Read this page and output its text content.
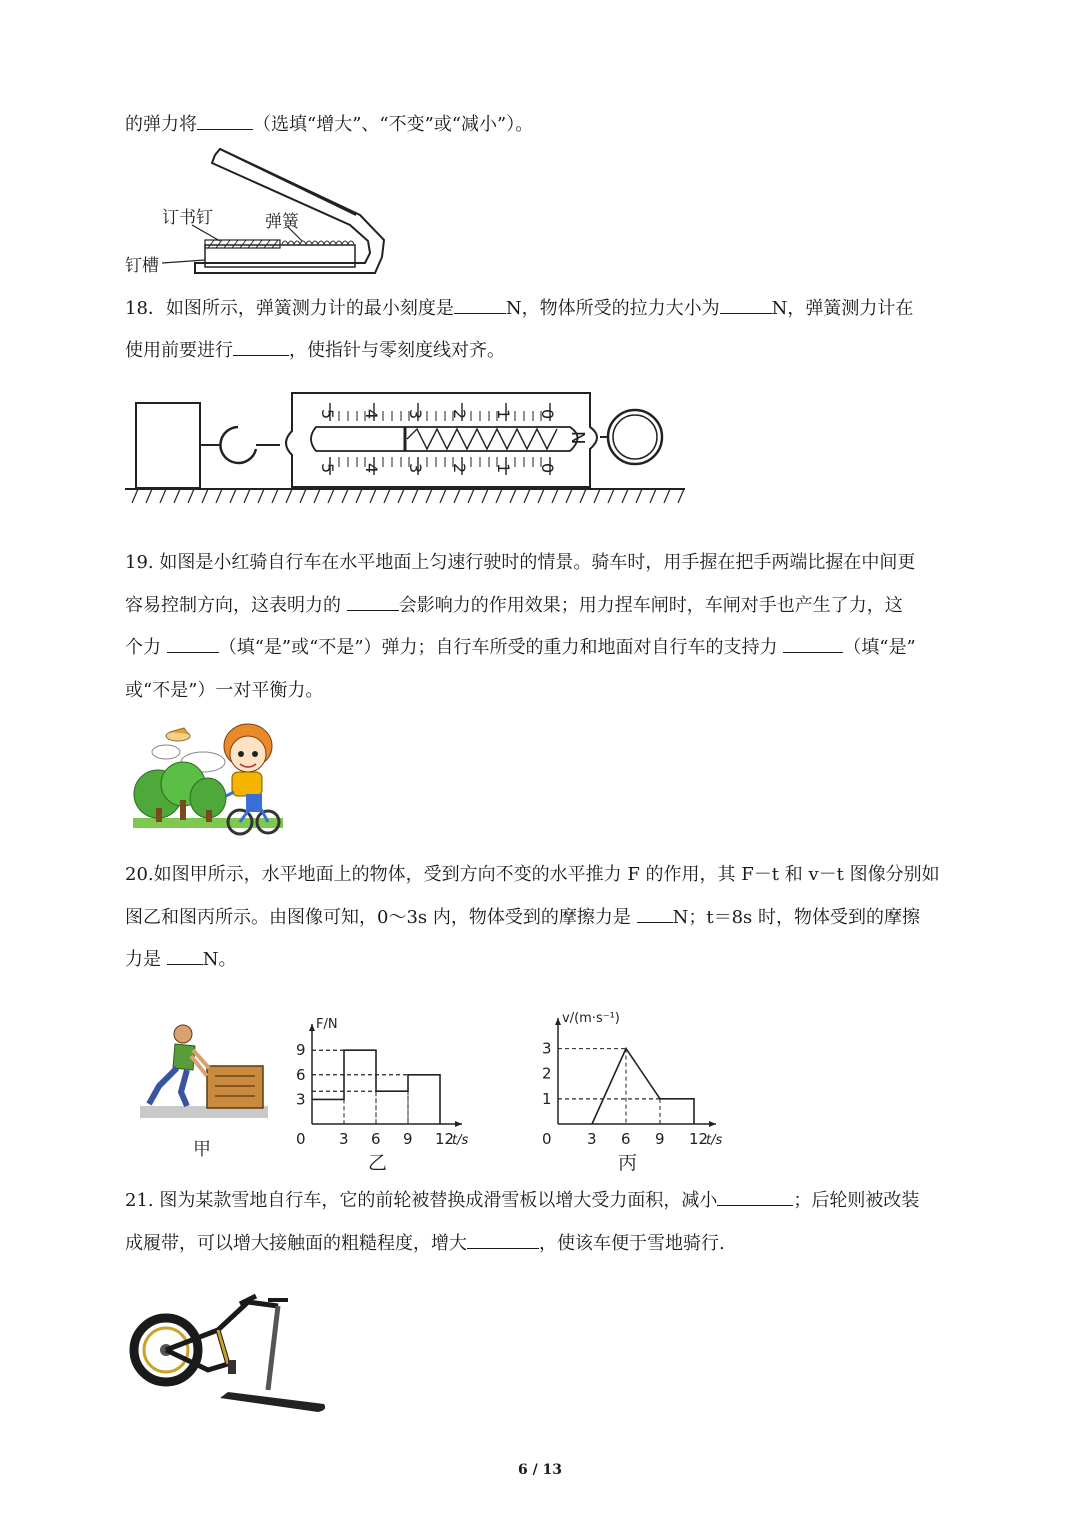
的弹力将	（选填“增大”、“不变”或“减小”）。
订书钉	弹簧
钉槽
18．如图所示，弹簧测力计的最小刻度是	N，物体所受的拉力大小为	N，弹簧测力计在
使用前要进行	，使指针与零刻度线对齐。
5 4 3 2 1 0
5 4 3 2 1 0
N
19. 如图是小红骑自行车在水平地面上匀速行驶时的情景。骑车时，用手握在把手两端比握在中间更
容易控制方向，这表明力的	会影响力的作用效果；用力捏车闸时，车闸对手也产生了力，这
个力	（填“是”或“不是”）弹力；自行车所受的重力和地面对自行车的支持力	（填“是”
或“不是”）一对平衡力。
20.如图甲所示，水平地面上的物体，受到方向不变的水平推力 F 的作用，其 F－t 和 v－t 图像分别如
图乙和图丙所示。由图像可知，0～3s 内，物体受到的摩擦力是 N；t＝8s 时，物体受到的摩擦
力是 N。
甲	0 3 6 9 12
3
6
9
t/s
F/N
乙
0 3 6 9 12
1
2
3
t/s
v/(m·s⁻¹)
丙
21. 图为某款雪地自行车，它的前轮被替换成滑雪板以增大受力面积，减小	；后轮则被改装
成履带，可以增大接触面的粗糙程度，增大	，使该车便于雪地骑行.
6 / 13
